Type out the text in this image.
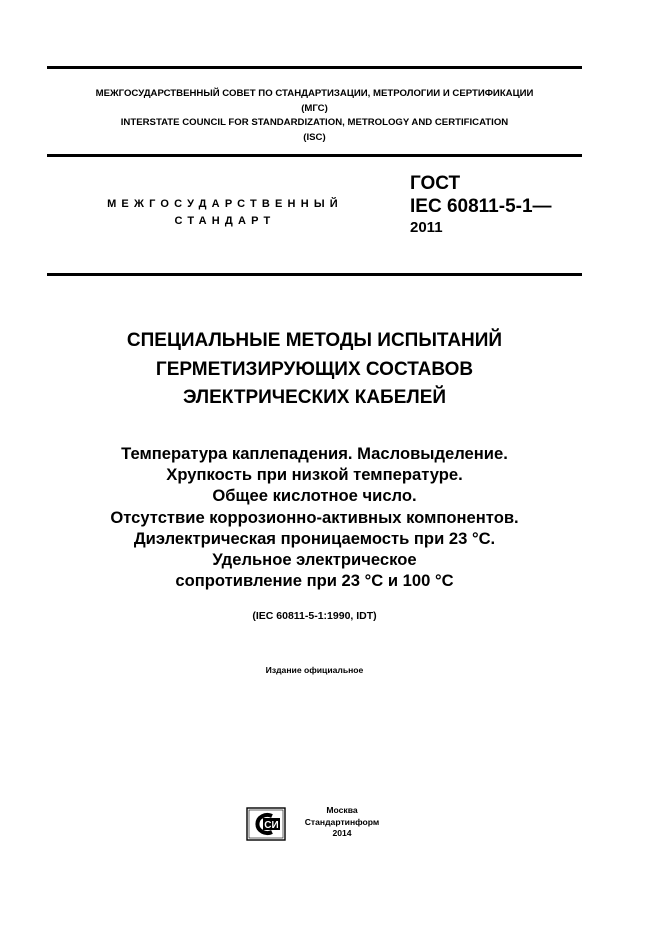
МЕЖГОСУДАРСТВЕННЫЙ СОВЕТ ПО СТАНДАРТИЗАЦИИ, МЕТРОЛОГИИ И СЕРТИФИКАЦИИ
(МГС)
INTERSTATE COUNCIL FOR STANDARDIZATION, METROLOGY AND CERTIFICATION
(ISC)
МЕЖГОСУДАРСТВЕННЫЙ
СТАНДАРТ
ГОСТ
IEC 60811-5-1—
2011
СПЕЦИАЛЬНЫЕ МЕТОДЫ ИСПЫТАНИЙ
ГЕРМЕТИЗИРУЮЩИХ СОСТАВОВ
ЭЛЕКТРИЧЕСКИХ КАБЕЛЕЙ
Температура каплепадения. Масловыделение.
Хрупкость при низкой температуре.
Общее кислотное число.
Отсутствие коррозионно-активных компонентов.
Диэлектрическая проницаемость при 23 °С.
Удельное электрическое
сопротивление при 23 °С и 100 °С
(IEC 60811-5-1:1990, IDT)
Издание официальное
СИ
Москва
Стандартинформ
2014
